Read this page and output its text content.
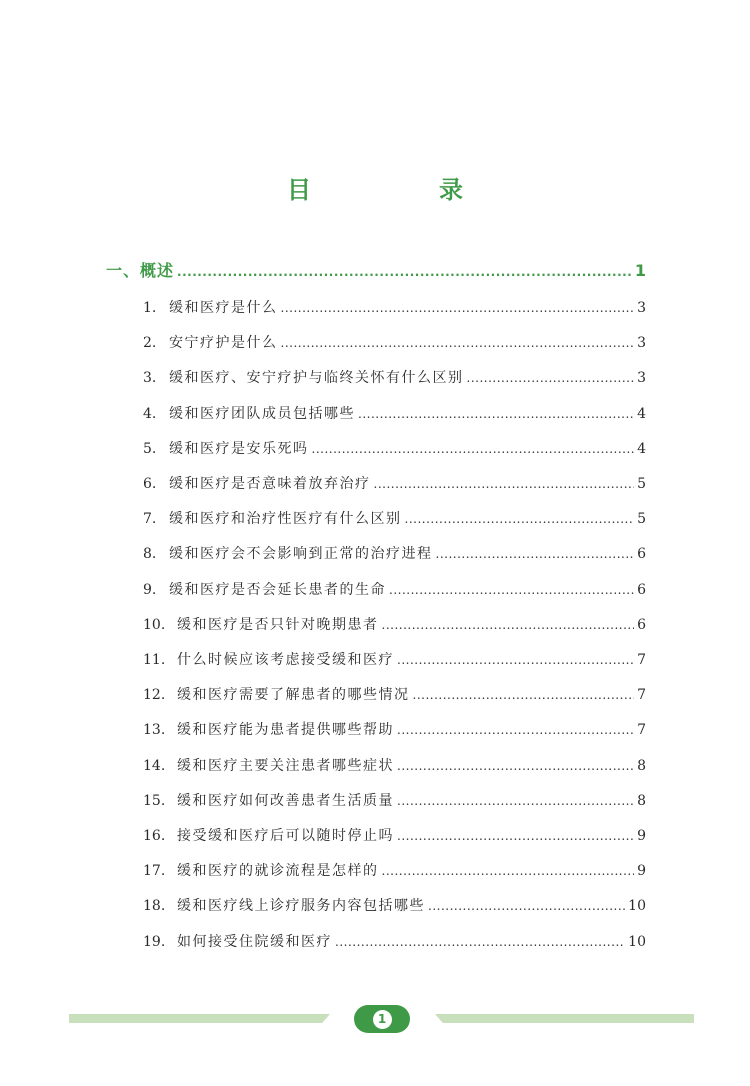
目　录
一、概述 .....	1
1. 缓和医疗是什么 .....	3
2. 安宁疗护是什么 .....	3
3. 缓和医疗、安宁疗护与临终关怀有什么区别 .....	3
4. 缓和医疗团队成员包括哪些 .....	4
5. 缓和医疗是安乐死吗 .....	4
6. 缓和医疗是否意味着放弃治疗 .....	5
7. 缓和医疗和治疗性医疗有什么区别 .....	5
8. 缓和医疗会不会影响到正常的治疗进程 .....	6
9. 缓和医疗是否会延长患者的生命 .....	6
10. 缓和医疗是否只针对晚期患者 .....	6
11. 什么时候应该考虑接受缓和医疗 .....	7
12. 缓和医疗需要了解患者的哪些情况 .....	7
13. 缓和医疗能为患者提供哪些帮助 .....	7
14. 缓和医疗主要关注患者哪些症状 .....	8
15. 缓和医疗如何改善患者生活质量 .....	8
16. 接受缓和医疗后可以随时停止吗 .....	9
17. 缓和医疗的就诊流程是怎样的 .....	9
18. 缓和医疗线上诊疗服务内容包括哪些 .....	10
19. 如何接受住院缓和医疗 .....	10
1
